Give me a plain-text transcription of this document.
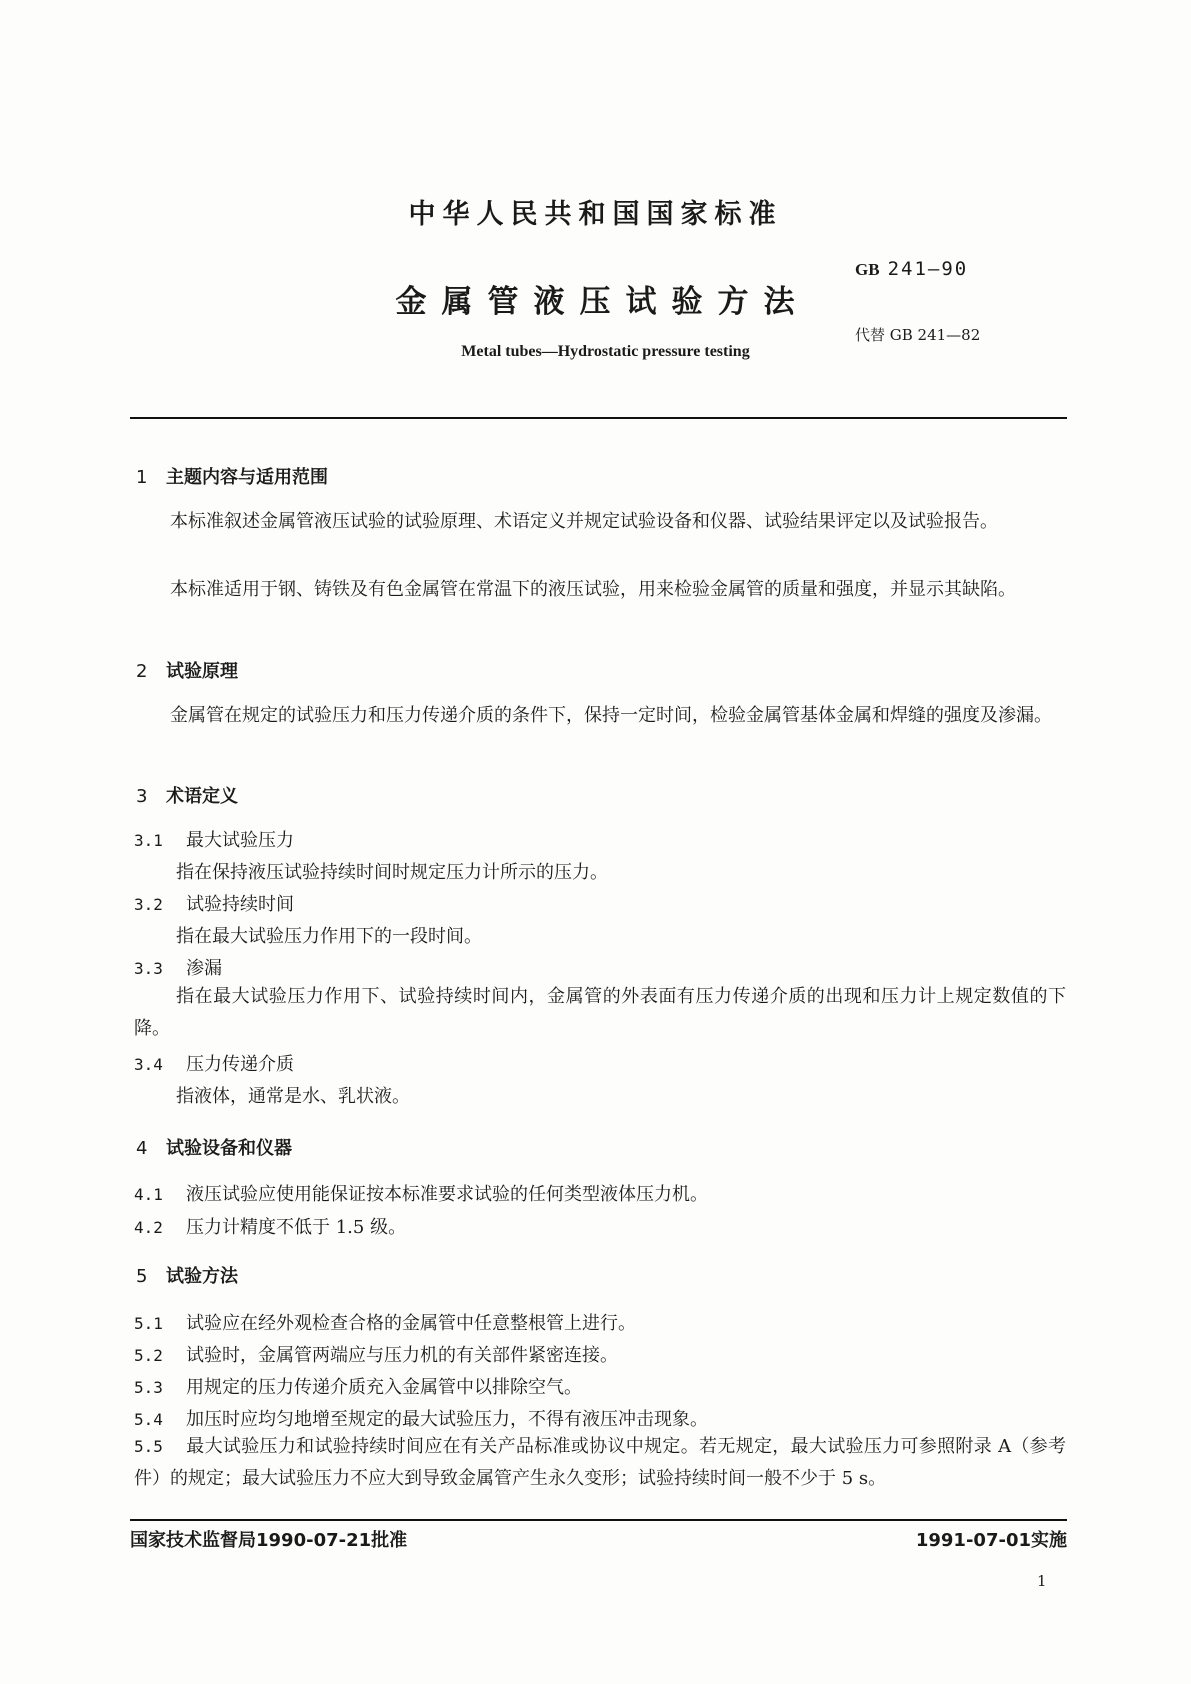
中华人民共和国国家标准
GB 241—90
金属管液压试验方法
代替 GB 241—82
Metal tubes—Hydrostatic pressure testing
1 主题内容与适用范围
本标准叙述金属管液压试验的试验原理、术语定义并规定试验设备和仪器、试验结果评定以及试验报告。
本标准适用于钢、铸铁及有色金属管在常温下的液压试验，用来检验金属管的质量和强度，并显示其缺陷。
2 试验原理
金属管在规定的试验压力和压力传递介质的条件下，保持一定时间，检验金属管基体金属和焊缝的强度及渗漏。
3 术语定义
3.1 最大试验压力
指在保持液压试验持续时间时规定压力计所示的压力。
3.2 试验持续时间
指在最大试验压力作用下的一段时间。
3.3 渗漏
指在最大试验压力作用下、试验持续时间内，金属管的外表面有压力传递介质的出现和压力计上规定数值的下降。
3.4 压力传递介质
指液体，通常是水、乳状液。
4 试验设备和仪器
4.1 液压试验应使用能保证按本标准要求试验的任何类型液体压力机。
4.2 压力计精度不低于 1.5 级。
5 试验方法
5.1 试验应在经外观检查合格的金属管中任意整根管上进行。
5.2 试验时，金属管两端应与压力机的有关部件紧密连接。
5.3 用规定的压力传递介质充入金属管中以排除空气。
5.4 加压时应均匀地增至规定的最大试验压力，不得有液压冲击现象。
5.5 最大试验压力和试验持续时间应在有关产品标准或协议中规定。若无规定，最大试验压力可参照附录 A（参考件）的规定；最大试验压力不应大到导致金属管产生永久变形；试验持续时间一般不少于 5 s。
国家技术监督局1990-07-21批准	1991-07-01实施
1
